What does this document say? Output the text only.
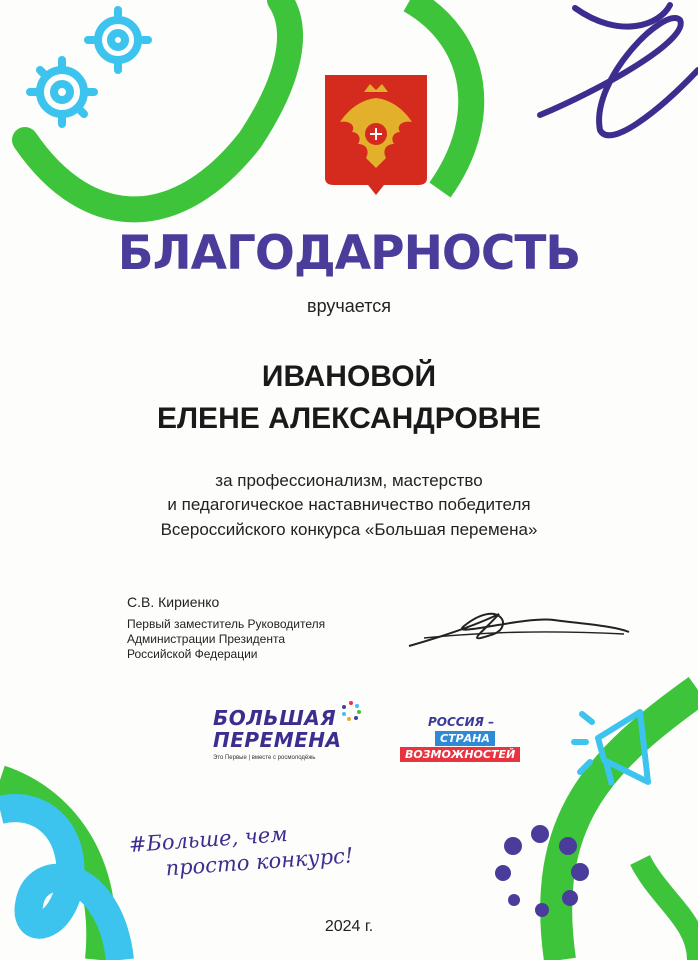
БЛАГОДАРНОСТЬ
вручается
ИВАНОВОЙ
ЕЛЕНЕ АЛЕКСАНДРОВНЕ
за профессионализм, мастерство
и педагогическое наставничество победителя
Всероссийского конкурса «Большая перемена»
С.В. Кириенко
Первый заместитель Руководителя
Администрации Президента
Российской Федерации
БОЛЬШАЯ
ПЕРЕМЕНА
Это Первые | вместе с росмолодёжь
РОССИЯ –
СТРАНА
ВОЗМОЖНОСТЕЙ
#Больше, чем
просто конкурс!
2024 г.
